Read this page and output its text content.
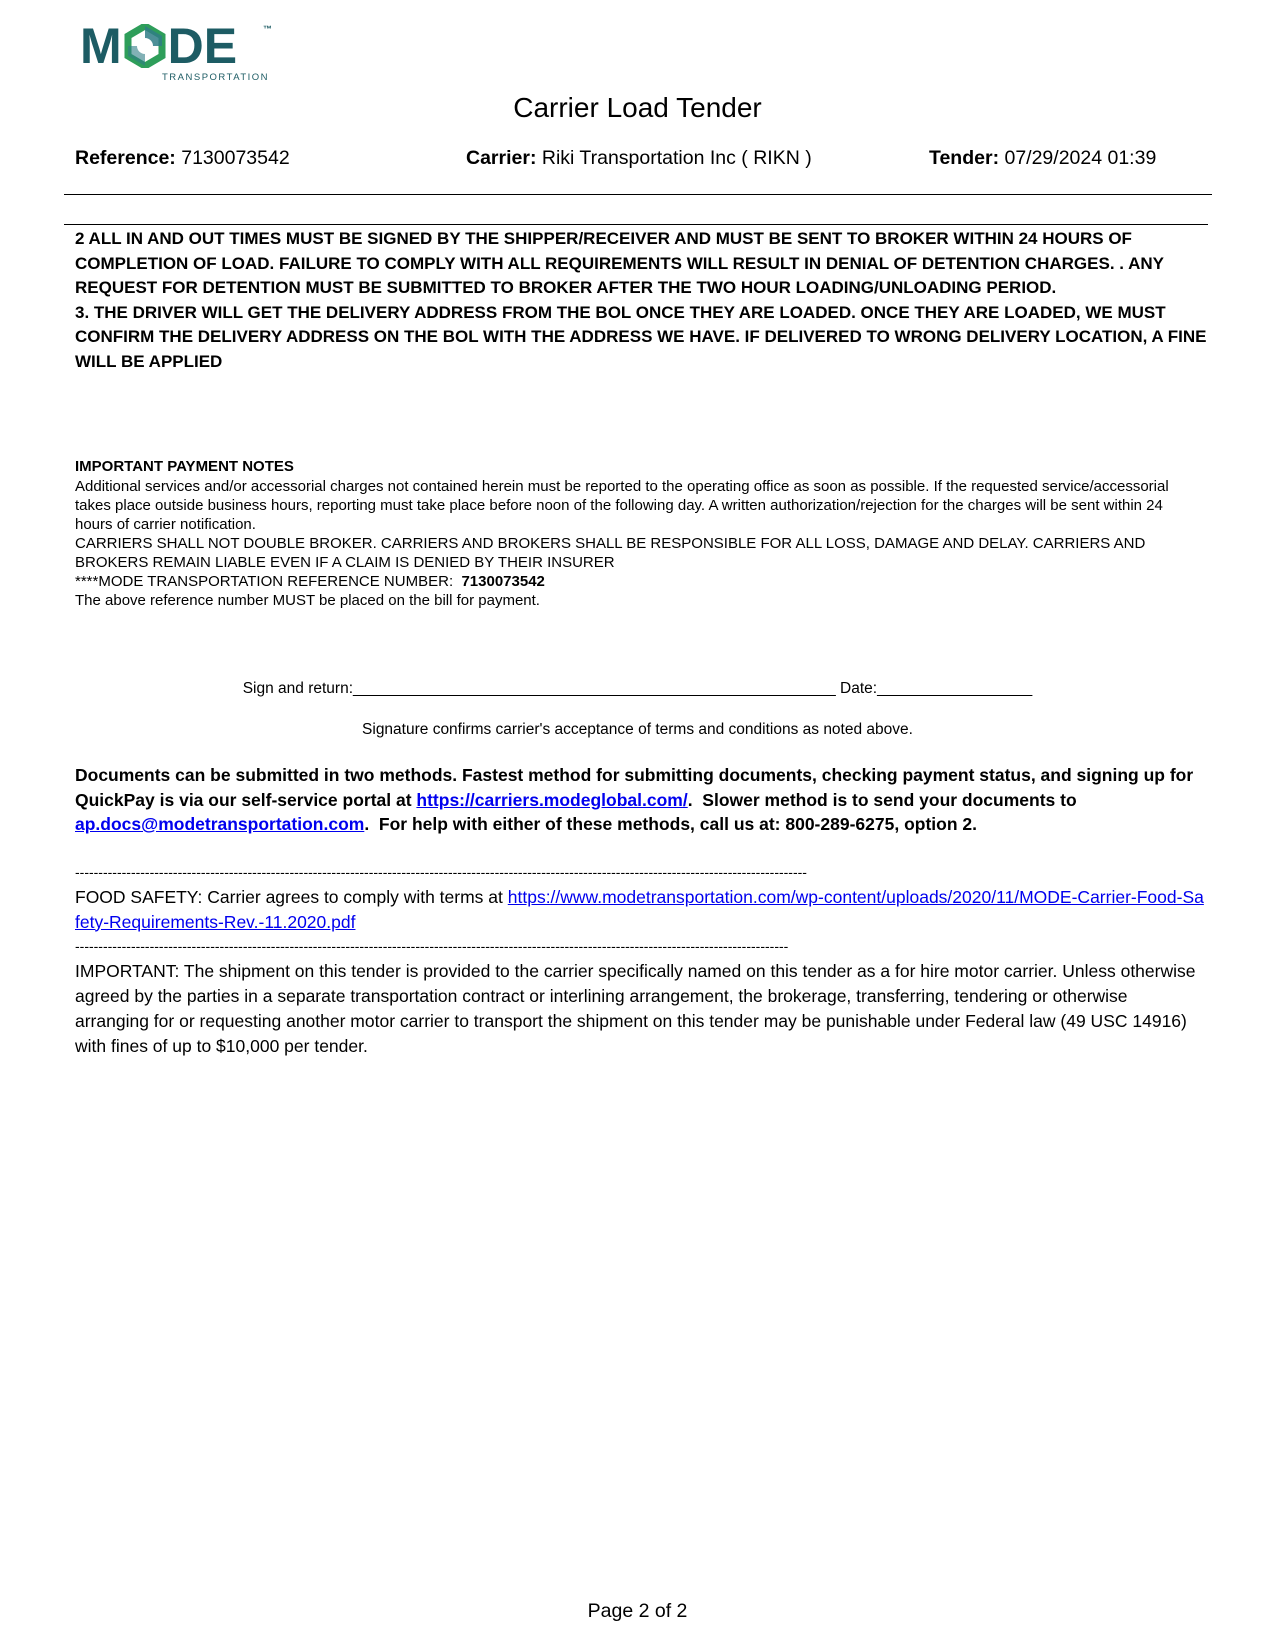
M DE	™
TRANSPORTATION
Carrier Load Tender
Reference: 7130073542	Carrier: Riki Transportation Inc ( RIKN )	Tender: 07/29/2024 01:39

2 ALL IN AND OUT TIMES MUST BE SIGNED BY THE SHIPPER/RECEIVER AND MUST BE SENT TO BROKER WITHIN 24 HOURS OF COMPLETION OF LOAD. FAILURE TO COMPLY WITH ALL REQUIREMENTS WILL RESULT IN DENIAL OF DETENTION CHARGES. . ANY REQUEST FOR DETENTION MUST BE SUBMITTED TO BROKER AFTER THE TWO HOUR LOADING/UNLOADING PERIOD.

3. THE DRIVER WILL GET THE DELIVERY ADDRESS FROM THE BOL ONCE THEY ARE LOADED. ONCE THEY ARE LOADED, WE MUST CONFIRM THE DELIVERY ADDRESS ON THE BOL WITH THE ADDRESS WE HAVE. IF DELIVERED TO WRONG DELIVERY LOCATION, A FINE WILL BE APPLIED

IMPORTANT PAYMENT NOTES

Additional services and/or accessorial charges not contained herein must be reported to the operating office as soon as possible. If the requested service/accessorial takes place outside business hours, reporting must take place before noon of the following day. A written authorization/rejection for the charges will be sent within 24 hours of carrier notification.

CARRIERS SHALL NOT DOUBLE BROKER. CARRIERS AND BROKERS SHALL BE RESPONSIBLE FOR ALL LOSS, DAMAGE AND DELAY. CARRIERS AND BROKERS REMAIN LIABLE EVEN IF A CLAIM IS DENIED BY THEIR INSURER

****MODE TRANSPORTATION REFERENCE NUMBER:  7130073542

The above reference number MUST be placed on the bill for payment.

Sign and return:________________________________________________________ Date:__________________
Signature confirms carrier's acceptance of terms and conditions as noted above.

Documents can be submitted in two methods. Fastest method for submitting documents, checking payment status, and signing up for QuickPay is via our self-service portal at https://carriers.modeglobal.com/.  Slower method is to send your documents to ap.docs@modetransportation.com.  For help with either of these methods, call us at: 800-289-6275, option 2.

-------------------------------------------------------------------------------------------------------------------------------------------------------------
FOOD SAFETY: Carrier agrees to comply with terms at https://www.modetransportation.com/wp-content/uploads/2020/11/MODE-Carrier-Food-Safety-Requirements-Rev.-11.2020.pdf
---------------------------------------------------------------------------------------------------------------------------------------------------------
IMPORTANT: The shipment on this tender is provided to the carrier specifically named on this tender as a for hire motor carrier. Unless otherwise agreed by the parties in a separate transportation contract or interlining arrangement, the brokerage, transferring, tendering or otherwise arranging for or requesting another motor carrier to transport the shipment on this tender may be punishable under Federal law (49 USC 14916) with fines of up to $10,000 per tender.
Page 2 of 2
